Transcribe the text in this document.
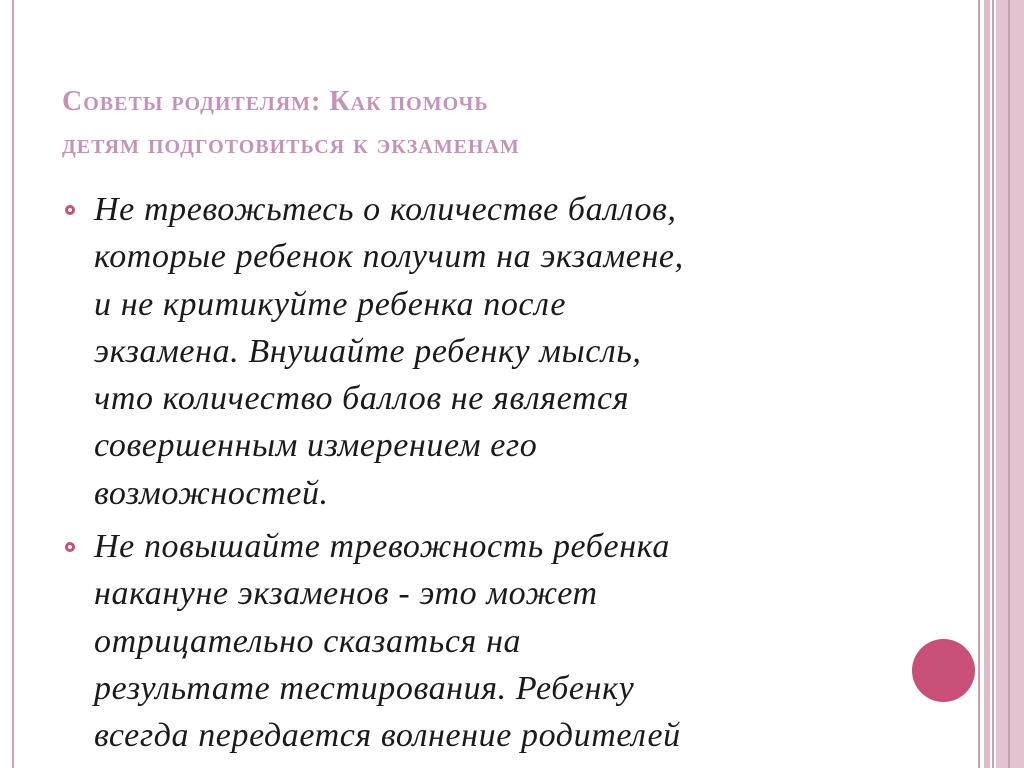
Советы родителям: Как помочь
детям подготовиться к экзаменам
Не тревожьтесь о количестве баллов,
которые ребенок получит на экзамене,
и не критикуйте ребенка после
экзамена. Внушайте ребенку мысль,
что количество баллов не является
совершенным измерением его
возможностей.
Не повышайте тревожность ребенка
накануне экзаменов - это может
отрицательно сказаться на
результате тестирования. Ребенку
всегда передается волнение родителей
